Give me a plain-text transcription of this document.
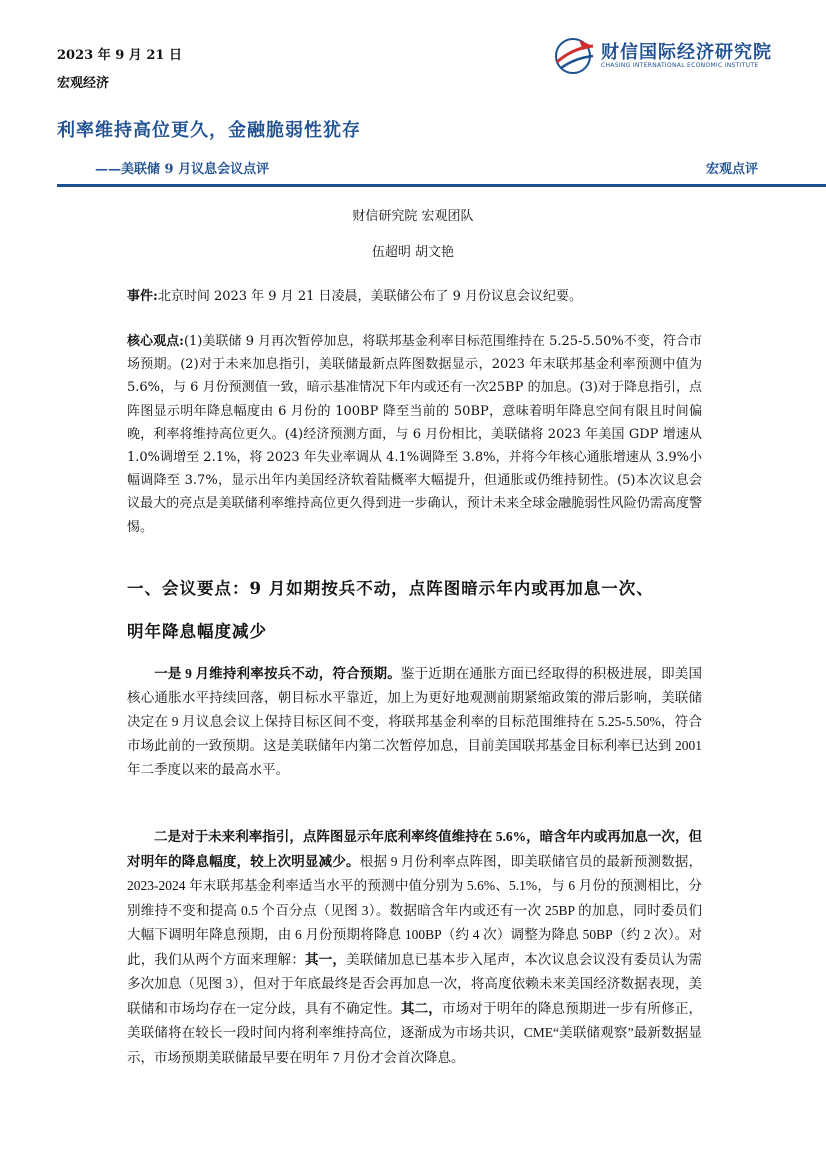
2023 年 9 月 21 日
宏观经济
财信国际经济研究院
CHASING INTERNATIONAL ECONOMIC INSTITUTE
利率维持高位更久，金融脆弱性犹存
——美联储 9 月议息会议点评	宏观点评
财信研究院 宏观团队
伍超明 胡文艳
事件:北京时间 2023 年 9 月 21 日凌晨，美联储公布了 9 月份议息会议纪要。
核心观点:(1)美联储 9 月再次暂停加息，将联邦基金利率目标范围维持在 5.25-5.50%不变，符合市场预期。(2)对于未来加息指引，美联储最新点阵图数据显示，2023 年末联邦基金利率预测中值为 5.6%，与 6 月份预测值一致，暗示基准情况下年内或还有一次25BP 的加息。(3)对于降息指引，点阵图显示明年降息幅度由 6 月份的 100BP 降至当前的 50BP，意味着明年降息空间有限且时间偏晚，利率将维持高位更久。(4)经济预测方面，与 6 月份相比，美联储将 2023 年美国 GDP 增速从 1.0%调增至 2.1%，将 2023 年失业率调从 4.1%调降至 3.8%，并将今年核心通胀增速从 3.9%小幅调降至 3.7%，显示出年内美国经济软着陆概率大幅提升，但通胀或仍维持韧性。(5)本次议息会议最大的亮点是美联储利率维持高位更久得到进一步确认，预计未来全球金融脆弱性风险仍需高度警惕。
一、会议要点：9 月如期按兵不动，点阵图暗示年内或再加息一次、
明年降息幅度减少
  一是 9 月维持利率按兵不动，符合预期。鉴于近期在通胀方面已经取得的积极进展，即美国核心通胀水平持续回落，朝目标水平靠近，加上为更好地观测前期紧缩政策的滞后影响，美联储决定在 9 月议息会议上保持目标区间不变，将联邦基金利率的目标范围维持在 5.25-5.50%，符合市场此前的一致预期。这是美联储年内第二次暂停加息，目前美国联邦基金目标利率已达到 2001 年二季度以来的最高水平。
  二是对于未来利率指引，点阵图显示年底利率终值维持在 5.6%，暗含年内或再加息一次，但对明年的降息幅度，较上次明显减少。根据 9 月份利率点阵图，即美联储官员的最新预测数据，2023-2024 年末联邦基金利率适当水平的预测中值分别为 5.6%、5.1%，与 6 月份的预测相比，分别维持不变和提高 0.5 个百分点（见图 3）。数据暗含年内或还有一次 25BP 的加息，同时委员们大幅下调明年降息预期，由 6 月份预期将降息 100BP（约 4 次）调整为降息 50BP（约 2 次）。对此，我们从两个方面来理解：其一，美联储加息已基本步入尾声，本次议息会议没有委员认为需多次加息（见图 3），但对于年底最终是否会再加息一次，将高度依赖未来美国经济数据表现，美联储和市场均存在一定分歧，具有不确定性。其二，市场对于明年的降息预期进一步有所修正，美联储将在较长一段时间内将利率维持高位，逐渐成为市场共识，CME“美联储观察”最新数据显示，市场预期美联储最早要在明年 7 月份才会首次降息。
